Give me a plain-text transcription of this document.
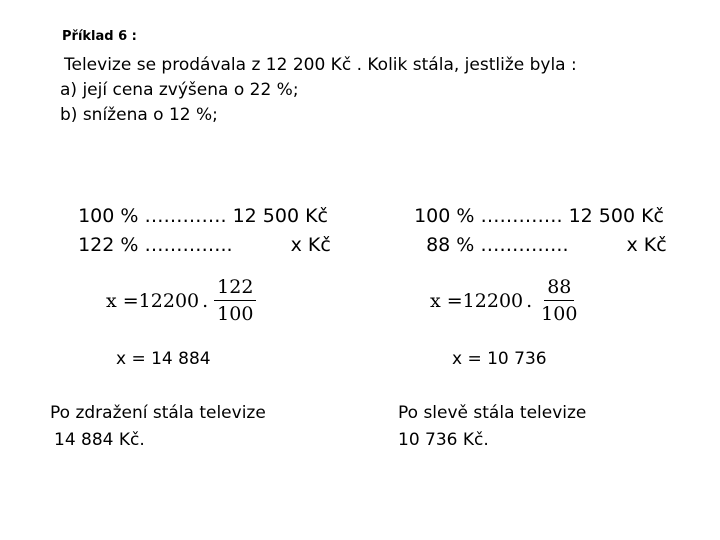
Příklad 6 :
Televize se prodávala z 12 200 Kč . Kolik stála, jestliže byla :
a) její cena zvýšena o 22 %;
b) snížena o 12 %;

100 % …………. 12 500 Kč

122 % …………..	x Kč

x =12200 . $\frac{122}{100}$
x = 14 884
Po zdražení stála televize
14 884 Kč.

100 % …………. 12 500 Kč

88 % …………..	x Kč

x =12200 . $\frac{88}{100}$
x = 10 736
Po slevě stála televize
10 736 Kč.
